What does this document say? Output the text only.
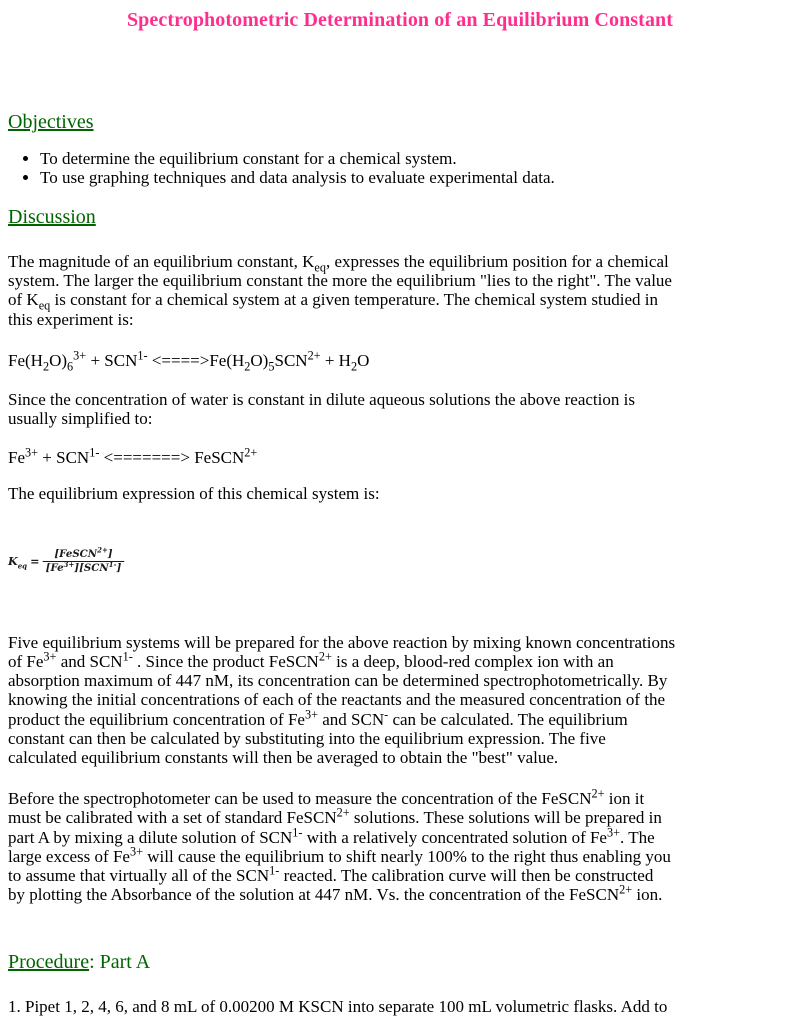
Spectrophotometric Determination of an Equilibrium Constant
Objectives
• To determine the equilibrium constant for a chemical system.
• To use graphing techniques and data analysis to evaluate experimental data.
Discussion

The magnitude of an equilibrium constant, $K_{eq}$, expresses the equilibrium position for a chemical

system. The larger the equilibrium constant the more the equilibrium "lies to the right". The value

of $K_{eq}$ is constant for a chemical system at a given temperature. The chemical system studied in

this experiment is:

$Fe(H_2O)_6^{3+} + SCN^{1-} <====>Fe(H_2O)_5SCN^{2+} + H_2O$

Since the concentration of water is constant in dilute aqueous solutions the above reaction is

usually simplified to:

$Fe^{3+} + SCN^{1-}$ <=======> FeSCN$^{2+}$

The equilibrium expression of this chemical system is:

$K_{eq} = \frac{[FeSCN^{2+}]}{[Fe^{3+}][SCN^{1-}]}$

Five equilibrium systems will be prepared for the above reaction by mixing known concentrations

of $Fe^{3+}$ and $SCN^{1-}$ . Since the product FeSCN$^{2+}$ is a deep, blood-red complex ion with an

absorption maximum of 447 nM, its concentration can be determined spectrophotometrically. By

knowing the initial concentrations of each of the reactants and the measured concentration of the

product the equilibrium concentration of $Fe^{3+}$ and SCN- can be calculated. The equilibrium

constant can then be calculated by substituting into the equilibrium expression. The five

calculated equilibrium constants will then be averaged to obtain the "best" value.

Before the spectrophotometer can be used to measure the concentration of the FeSCN$^{2+}$ ion it

must be calibrated with a set of standard FeSCN$^{2+}$ solutions. These solutions will be prepared in

part A by mixing a dilute solution of $SCN^{1-}$ with a relatively concentrated solution of $Fe^{3+}$. The

large excess of $Fe^{3+}$ will cause the equilibrium to shift nearly 100% to the right thus enabling you

to assume that virtually all of the $SCN^{1-}$ reacted. The calibration curve will then be constructed

by plotting the Absorbance of the solution at 447 nM. Vs. the concentration of the FeSCN$^{2+}$ ion.

Procedure: Part A

1. Pipet 1, 2, 4, 6, and 8 mL of 0.00200 M KSCN into separate 100 mL volumetric flasks. Add to
